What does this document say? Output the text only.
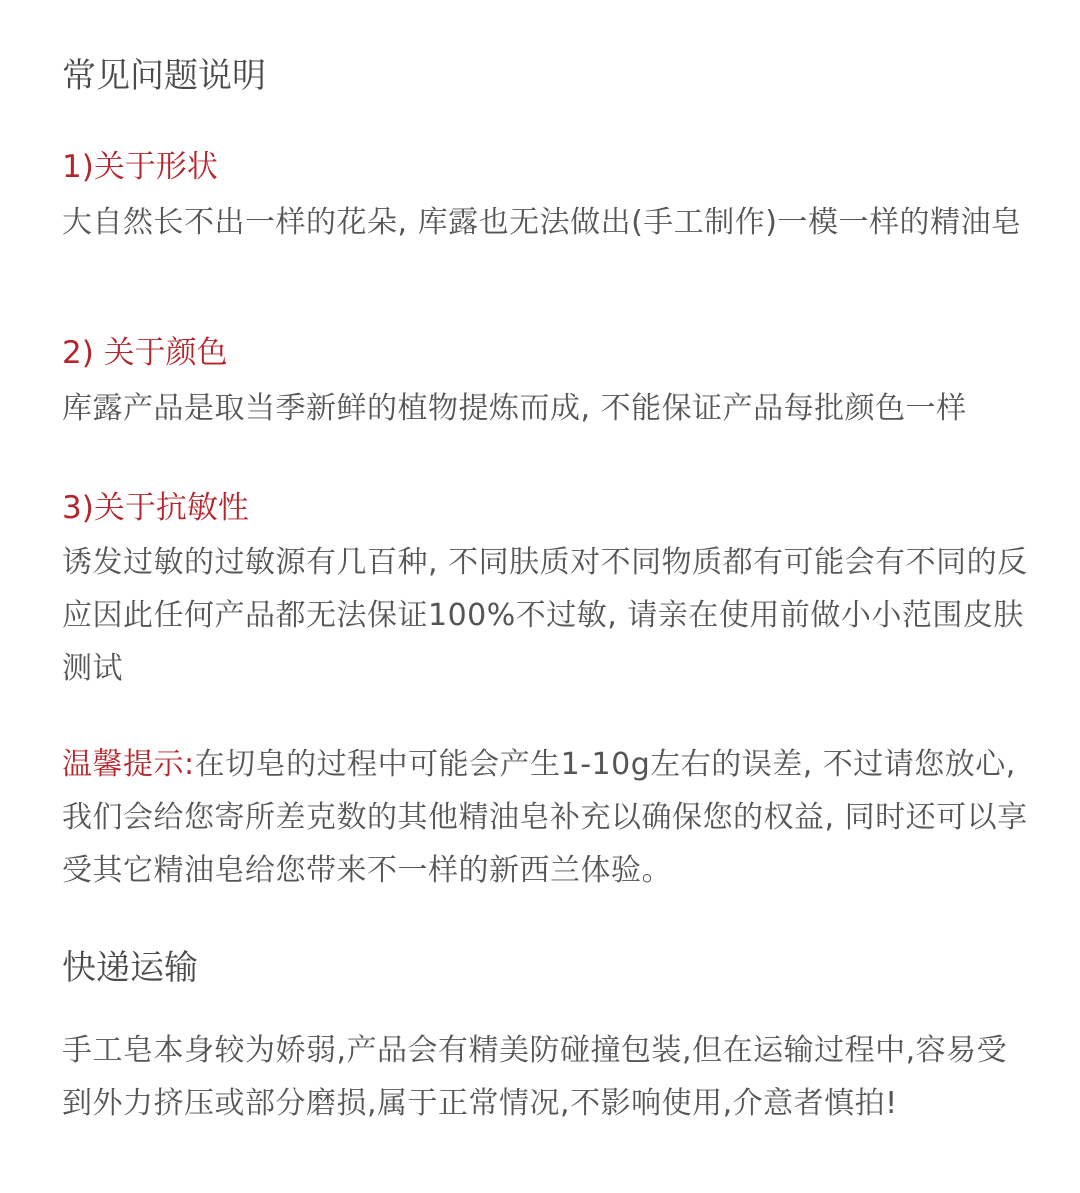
常见问题说明
1)关于形状
大自然长不出一样的花朵, 库露也无法做出(手工制作)一模一样的精油皂
2) 关于颜色
库露产品是取当季新鲜的植物提炼而成, 不能保证产品每批颜色一样
3)关于抗敏性
诱发过敏的过敏源有几百种, 不同肤质对不同物质都有可能会有不同的反应因此任何产品都无法保证100%不过敏, 请亲在使用前做小小范围皮肤测试
温馨提示:在切皂的过程中可能会产生1-10g左右的误差, 不过请您放心,我们会给您寄所差克数的其他精油皂补充以确保您的权益, 同时还可以享受其它精油皂给您带来不一样的新西兰体验。
快递运输
手工皂本身较为娇弱,产品会有精美防碰撞包装,但在运输过程中,容易受到外力挤压或部分磨损,属于正常情况,不影响使用,介意者慎拍!
